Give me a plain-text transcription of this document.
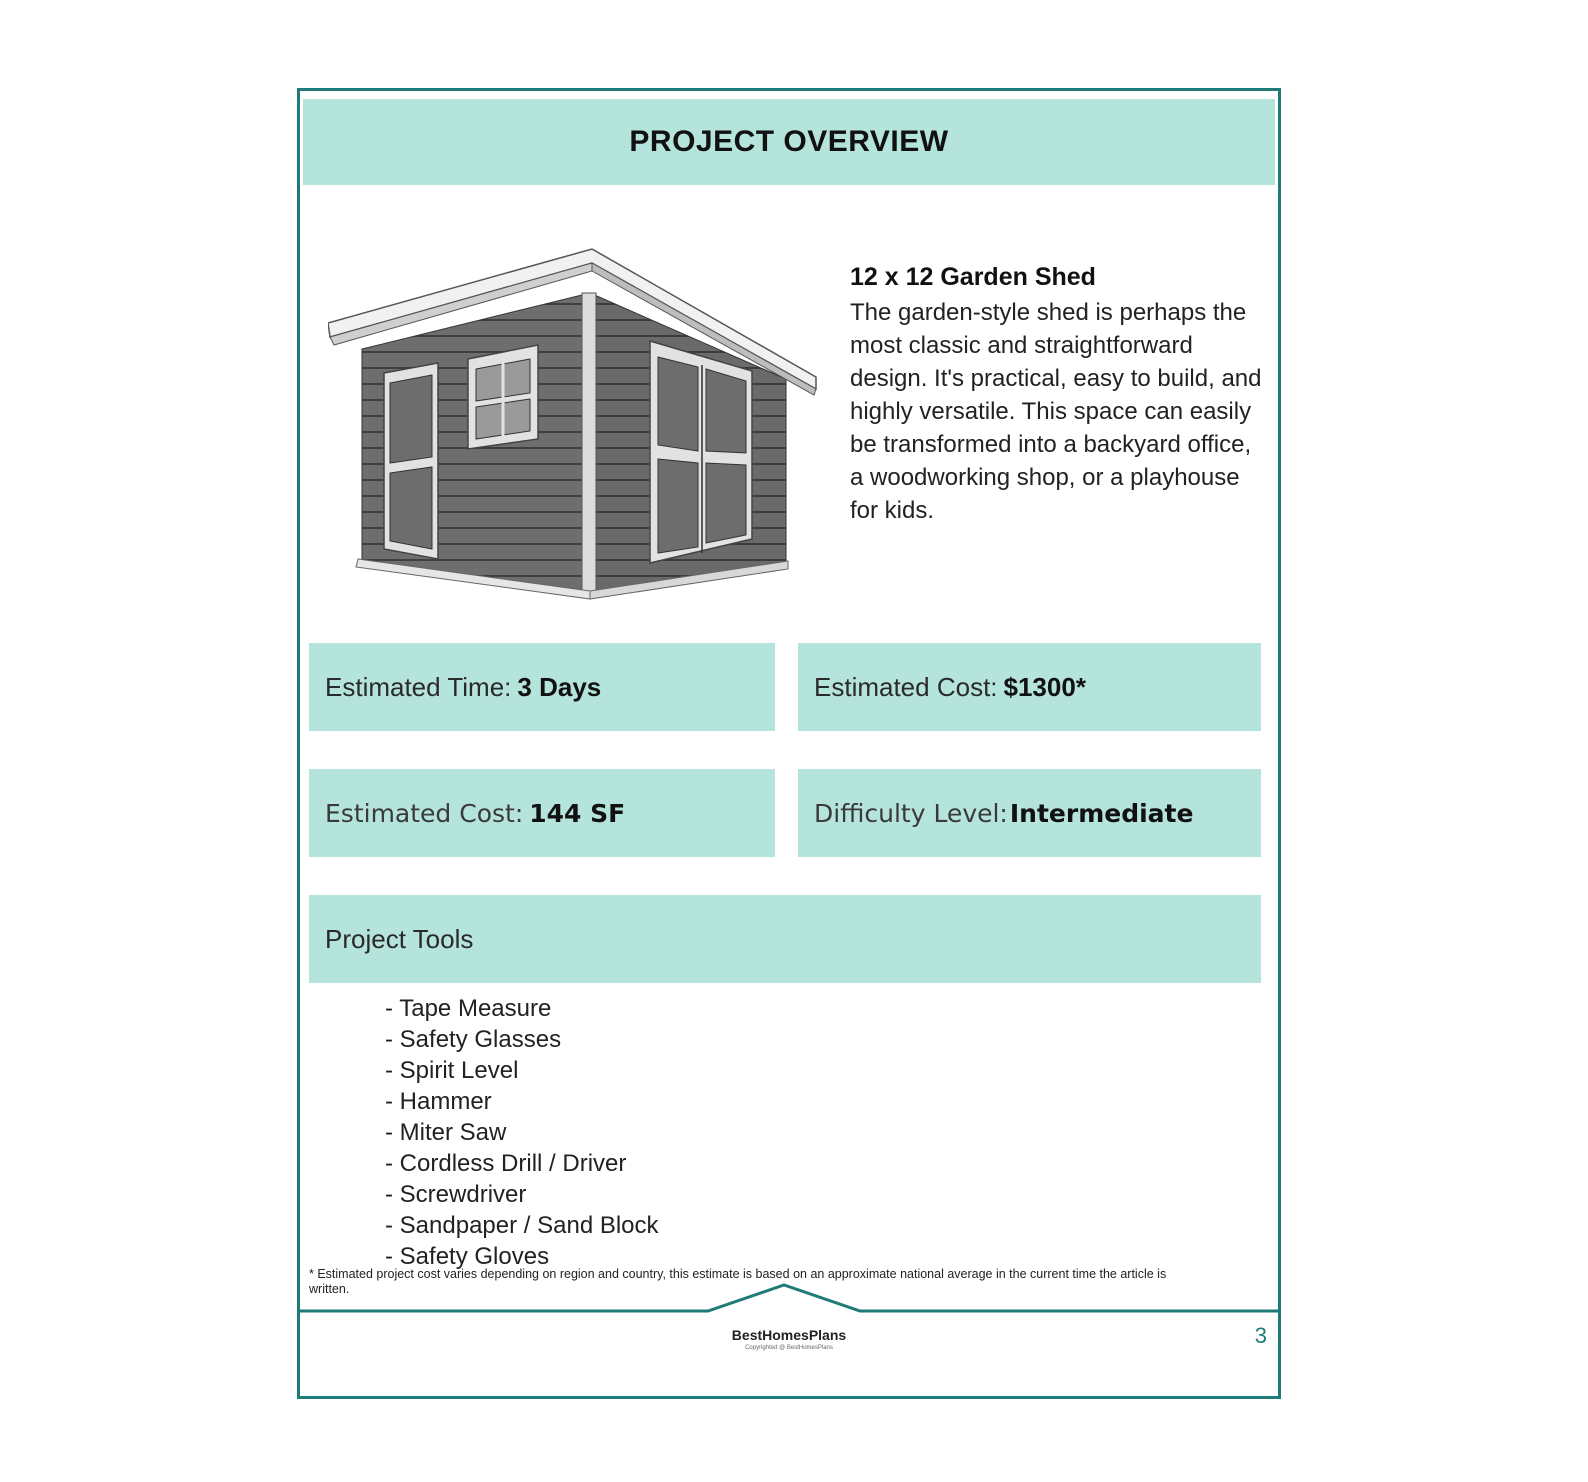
PROJECT OVERVIEW
12 x 12 Garden Shed
The garden-style shed is perhaps the most classic and straightforward design. It's practical, easy to build, and highly versatile. This space can easily be transformed into a backyard office, a woodworking shop, or a playhouse for kids.
Estimated Time: 3 Days	Estimated Cost: $1300*
Estimated Cost: 144 SF	Difficulty Level: Intermediate
Project Tools
- Tape Measure
- Safety Glasses
- Spirit Level
- Hammer
- Miter Saw
- Cordless Drill / Driver
- Screwdriver
- Sandpaper / Sand Block
- Safety Gloves
* Estimated project cost varies depending on region and country, this estimate is based on an approximate national average in the current time the article is written.
BestHomesPlans
Copyrighted @ BestHomesPlans	3
